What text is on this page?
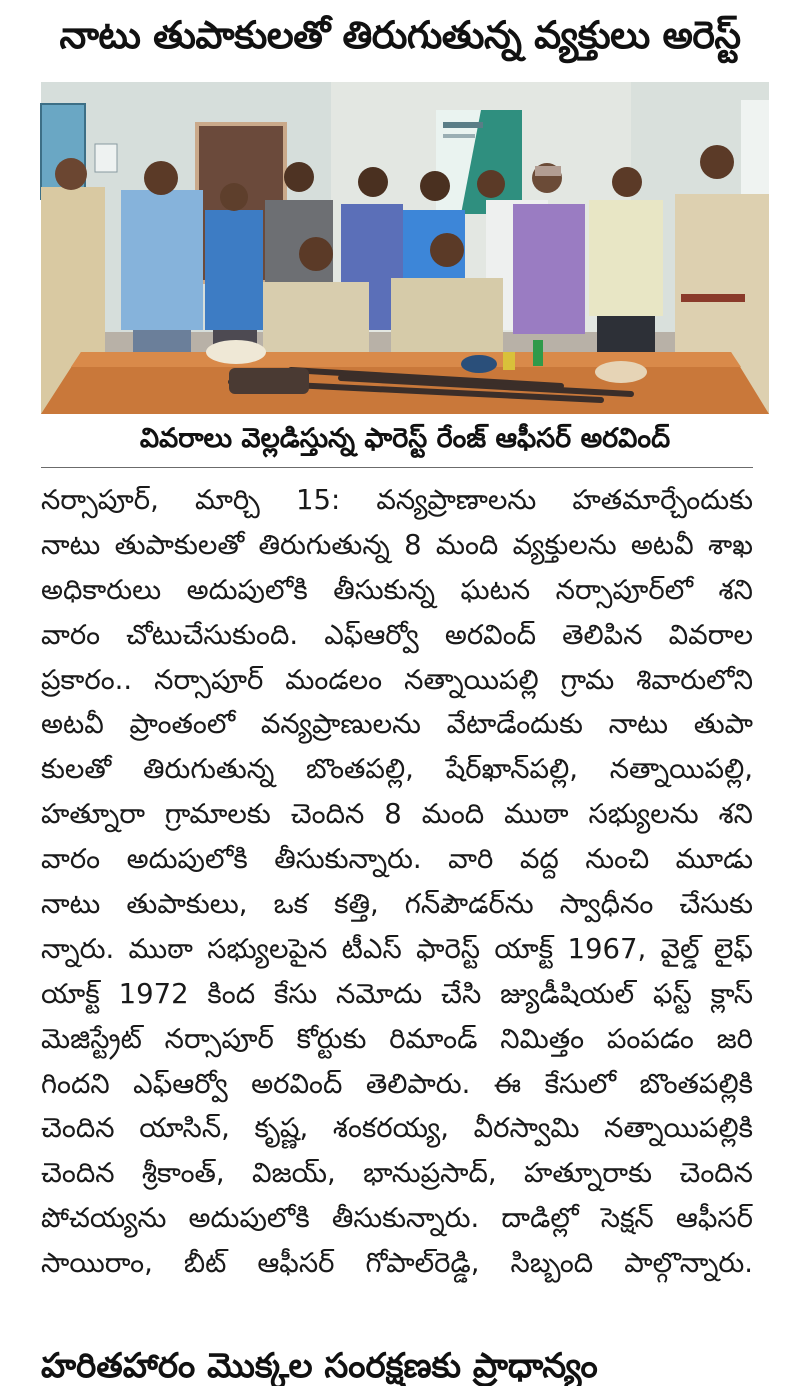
నాటు తుపాకులతో తిరుగుతున్న వ్యక్తులు అరెస్ట్
వివరాలు వెల్లడిస్తున్న ఫారెస్ట్ రేంజ్ ఆఫీసర్ అరవింద్
నర్సాపూర్, మార్చి 15: వన్యప్రాణాలను హతమార్చేందుకు
నాటు తుపాకులతో తిరుగుతున్న 8 మంది వ్యక్తులను అటవీ శాఖ
అధికారులు అదుపులోకి తీసుకున్న ఘటన నర్సాపూర్‌లో శని
వారం చోటుచేసుకుంది. ఎఫ్ఆర్వో అరవింద్ తెలిపిన వివరాల
ప్రకారం.. నర్సాపూర్ మండలం నత్నాయిపల్లి గ్రామ శివారులోని
అటవీ ప్రాంతంలో వన్యప్రాణులను వేటాడేందుకు నాటు తుపా
కులతో తిరుగుతున్న బొంతపల్లి, షేర్‌ఖాన్‌పల్లి, నత్నాయిపల్లి,
హత్నూరా గ్రామాలకు చెందిన 8 మంది ముఠా సభ్యులను శని
వారం అదుపులోకి తీసుకున్నారు. వారి వద్ద నుంచి మూడు
నాటు తుపాకులు, ఒక కత్తి, గన్‌పౌడర్‌ను స్వాధీనం చేసుకు
న్నారు. ముఠా సభ్యులపైన టీఎస్ ఫారెస్ట్ యాక్ట్ 1967, వైల్డ్ లైఫ్
యాక్ట్ 1972 కింద కేసు నమోదు చేసి జ్యుడీషియల్ ఫస్ట్ క్లాస్
మెజిస్ట్రేట్ నర్సాపూర్ కోర్టుకు రిమాండ్ నిమిత్తం పంపడం జరి
గిందని ఎఫ్ఆర్వో అరవింద్ తెలిపారు. ఈ కేసులో బొంతపల్లికి
చెందిన యాసిన్, కృష్ణ, శంకరయ్య, వీరస్వామి నత్నాయిపల్లికి
చెందిన శ్రీకాంత్, విజయ్, భానుప్రసాద్, హత్నూరాకు చెందిన
పోచయ్యను అదుపులోకి తీసుకున్నారు. దాడిల్లో సెక్షన్ ఆఫీసర్
సాయిరాం, బీట్ ఆఫీసర్ గోపాల్‌రెడ్డి, సిబ్బంది పాల్గొన్నారు.
హరితహారం మొక్కల సంరక్షణకు ప్రాధాన్యం
